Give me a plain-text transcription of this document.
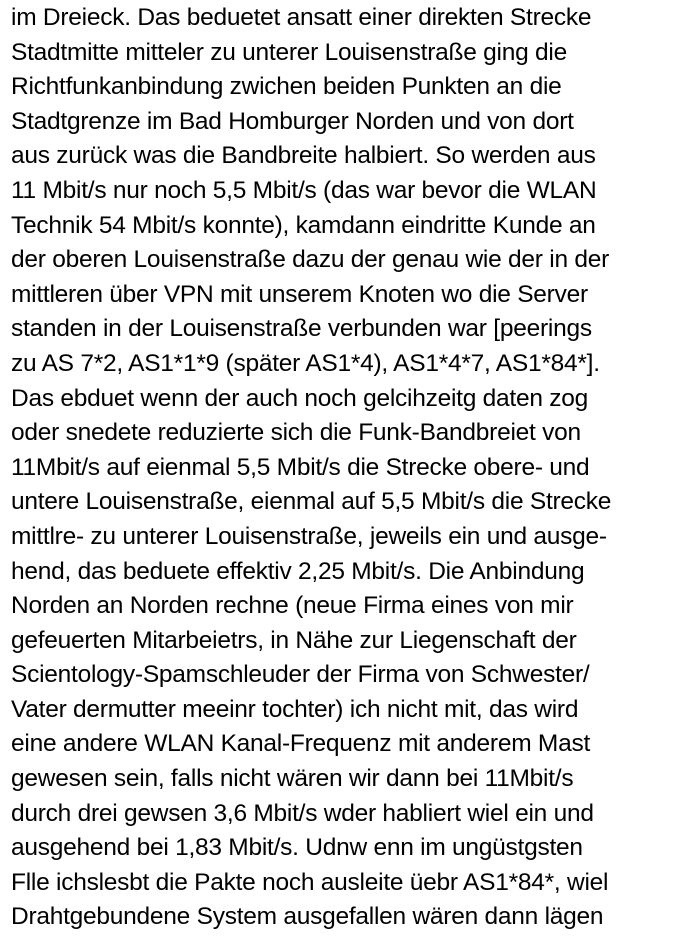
im Dreieck. Das beduetet ansatt einer direkten Strecke
Stadtmitte mitteler zu unterer Louisenstraße ging die
Richtfunkanbindung zwichen beiden Punkten an die
Stadtgrenze im Bad Homburger Norden und von dort
aus zurück was die Bandbreite halbiert. So werden aus
11 Mbit/s nur noch 5,5 Mbit/s (das war bevor die WLAN
Technik 54 Mbit/s konnte), kamdann eindritte Kunde an
der oberen Louisenstraße dazu der genau wie der in der
mittleren über VPN mit unserem Knoten wo die Server
standen in der Louisenstraße verbunden war [peerings
zu AS 7*2, AS1*1*9 (später AS1*4), AS1*4*7, AS1*84*].
Das ebduet wenn der auch noch gelcihzeitg daten zog
oder snedete reduzierte sich die Funk-Bandbreiet von
11Mbit/s auf eienmal 5,5 Mbit/s die Strecke obere- und
untere Louisenstraße, eienmal auf 5,5 Mbit/s die Strecke
mittlre- zu unterer Louisenstraße, jeweils ein und ausge-
hend, das beduete effektiv 2,25 Mbit/s. Die Anbindung
Norden an Norden rechne (neue Firma eines von mir
gefeuerten Mitarbeietrs, in Nähe zur Liegenschaft der
Scientology-Spamschleuder der Firma von Schwester/
Vater dermutter meeinr tochter) ich nicht mit, das wird
eine andere WLAN Kanal-Frequenz mit anderem Mast
gewesen sein, falls nicht wären wir dann bei 11Mbit/s
durch drei gewsen 3,6 Mbit/s wder habliert wiel ein und
ausgehend bei 1,83 Mbit/s. Udnw enn im ungüstgsten
Flle ichslesbt die Pakte noch ausleite üebr AS1*84*, wiel
Drahtgebundene System ausgefallen wären dann lägen
